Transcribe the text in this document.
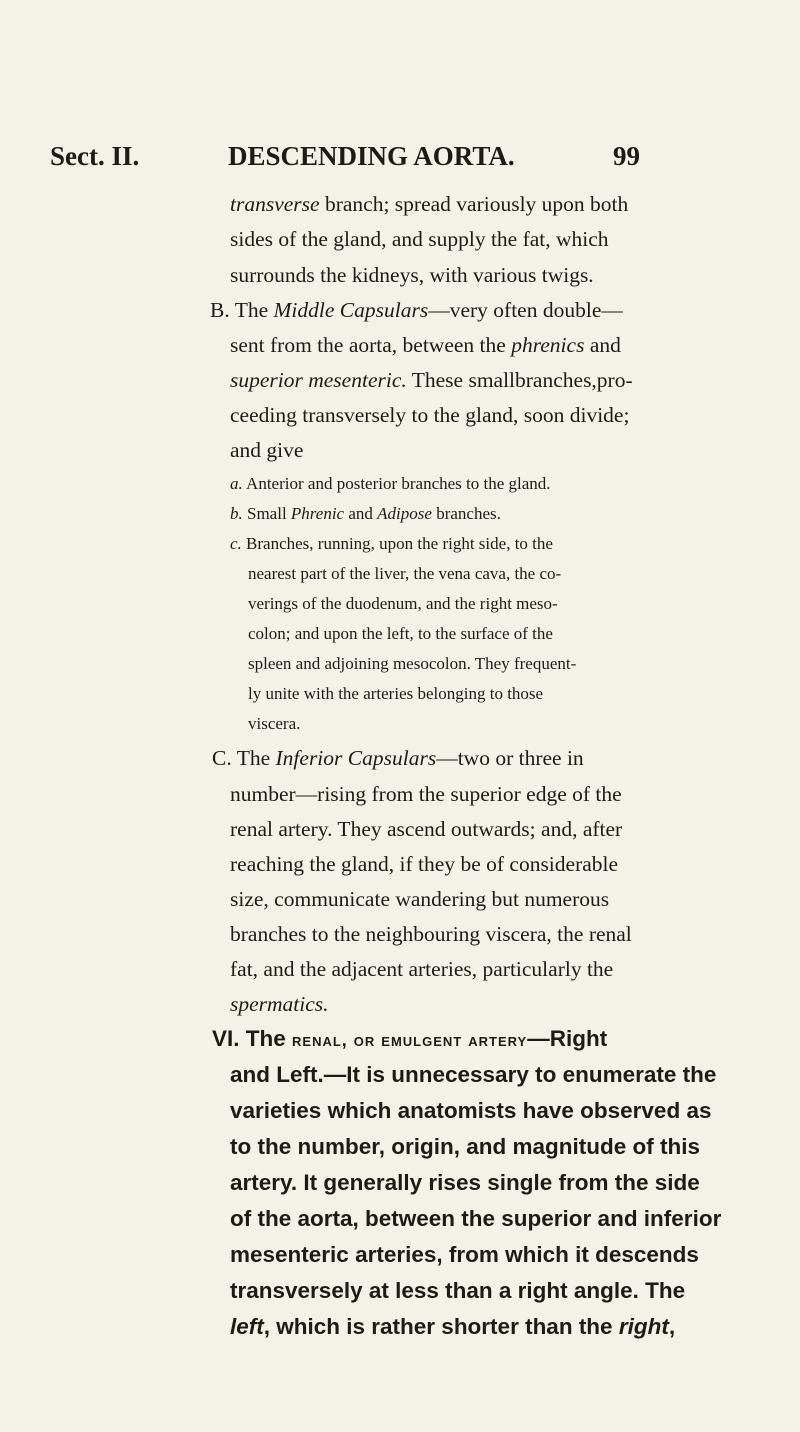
Sect. II.	DESCENDING AORTA.	99
transverse branch; spread variously upon both
sides of the gland, and supply the fat, which
surrounds the kidneys, with various twigs.
B. The Middle Capsulars—very often double—
sent from the aorta, between the phrenics and
superior mesenteric. These smallbranches,pro-
ceeding transversely to the gland, soon divide;
and give
a. Anterior and posterior branches to the gland.
b. Small Phrenic and Adipose branches.
c. Branches, running, upon the right side, to the
nearest part of the liver, the vena cava, the co-
verings of the duodenum, and the right meso-
colon; and upon the left, to the surface of the
spleen and adjoining mesocolon. They frequent-
ly unite with the arteries belonging to those
viscera.
C. The Inferior Capsulars—two or three in
number—rising from the superior edge of the
renal artery. They ascend outwards; and, after
reaching the gland, if they be of considerable
size, communicate wandering but numerous
branches to the neighbouring viscera, the renal
fat, and the adjacent arteries, particularly the
spermatics.
VI. The renal, or emulgent artery—Right
and Left.—It is unnecessary to enumerate the
varieties which anatomists have observed as
to the number, origin, and magnitude of this
artery. It generally rises single from the side
of the aorta, between the superior and inferior
mesenteric arteries, from which it descends
transversely at less than a right angle. The
left, which is rather shorter than the right,
